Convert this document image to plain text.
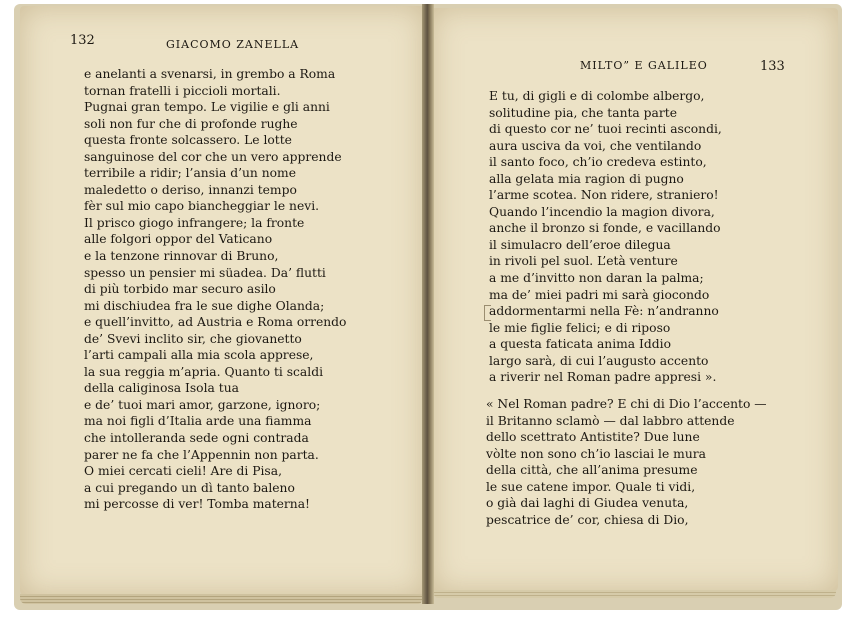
132	GIACOMO ZANELLA
e anelanti a svenarsi, in grembo a Roma
tornan fratelli i piccioli mortali.
Pugnai gran tempo. Le vigilie e gli anni
soli non fur che di profonde rughe
questa fronte solcassero. Le lotte
sanguinose del cor che un vero apprende
terribile a ridir; l’ansia d’un nome
maledetto o deriso, innanzi tempo
fèr sul mio capo biancheggiar le nevi.
Il prisco giogo infrangere; la fronte
alle folgori oppor del Vaticano
e la tenzone rinnovar di Bruno,
spesso un pensier mi süadea. Da’ flutti
di più torbido mar securo asilo
mi dischiudea fra le sue dighe Olanda;
e quell’invitto, ad Austria e Roma orrendo
de’ Svevi inclito sir, che giovanetto
l’arti campali alla mia scola apprese,
la sua reggia m’apria. Quanto ti scaldi
della caliginosa Isola tua
e de’ tuoi mari amor, garzone, ignoro;
ma noi figli d’Italia arde una fiamma
che intolleranda sede ogni contrada
parer ne fa che l’Appennin non parta.
O miei cercati cieli! Are di Pisa,
a cui pregando un dì tanto baleno
mi percosse di ver! Tomba materna!
MILTO” E GALILEO	133
E tu, di gigli e di colombe albergo,
solitudine pia, che tanta parte
di questo cor ne’ tuoi recinti ascondi,
aura usciva da voi, che ventilando
il santo foco, ch’io credeva estinto,
alla gelata mia ragion di pugno
l’arme scotea. Non ridere, straniero!
Quando l’incendio la magion divora,
anche il bronzo si fonde, e vacillando
il simulacro dell’eroe dilegua
in rivoli pel suol. L’età venture
a me d’invitto non daran la palma;
ma de’ miei padri mi sarà giocondo
addormentarmi nella Fè: n’andranno
le mie figlie felici; e di riposo
a questa faticata anima Iddio
largo sarà, di cui l’augusto accento
a riverir nel Roman padre appresi ».
« Nel Roman padre? E chi di Dio l’accento —
il Britanno sclamò — dal labbro attende
dello scettrato Antistite? Due lune
vòlte non sono ch’io lasciai le mura
della città, che all’anima presume
le sue catene impor. Quale ti vidi,
o già dai laghi di Giudea venuta,
pescatrice de’ cor, chiesa di Dio,
